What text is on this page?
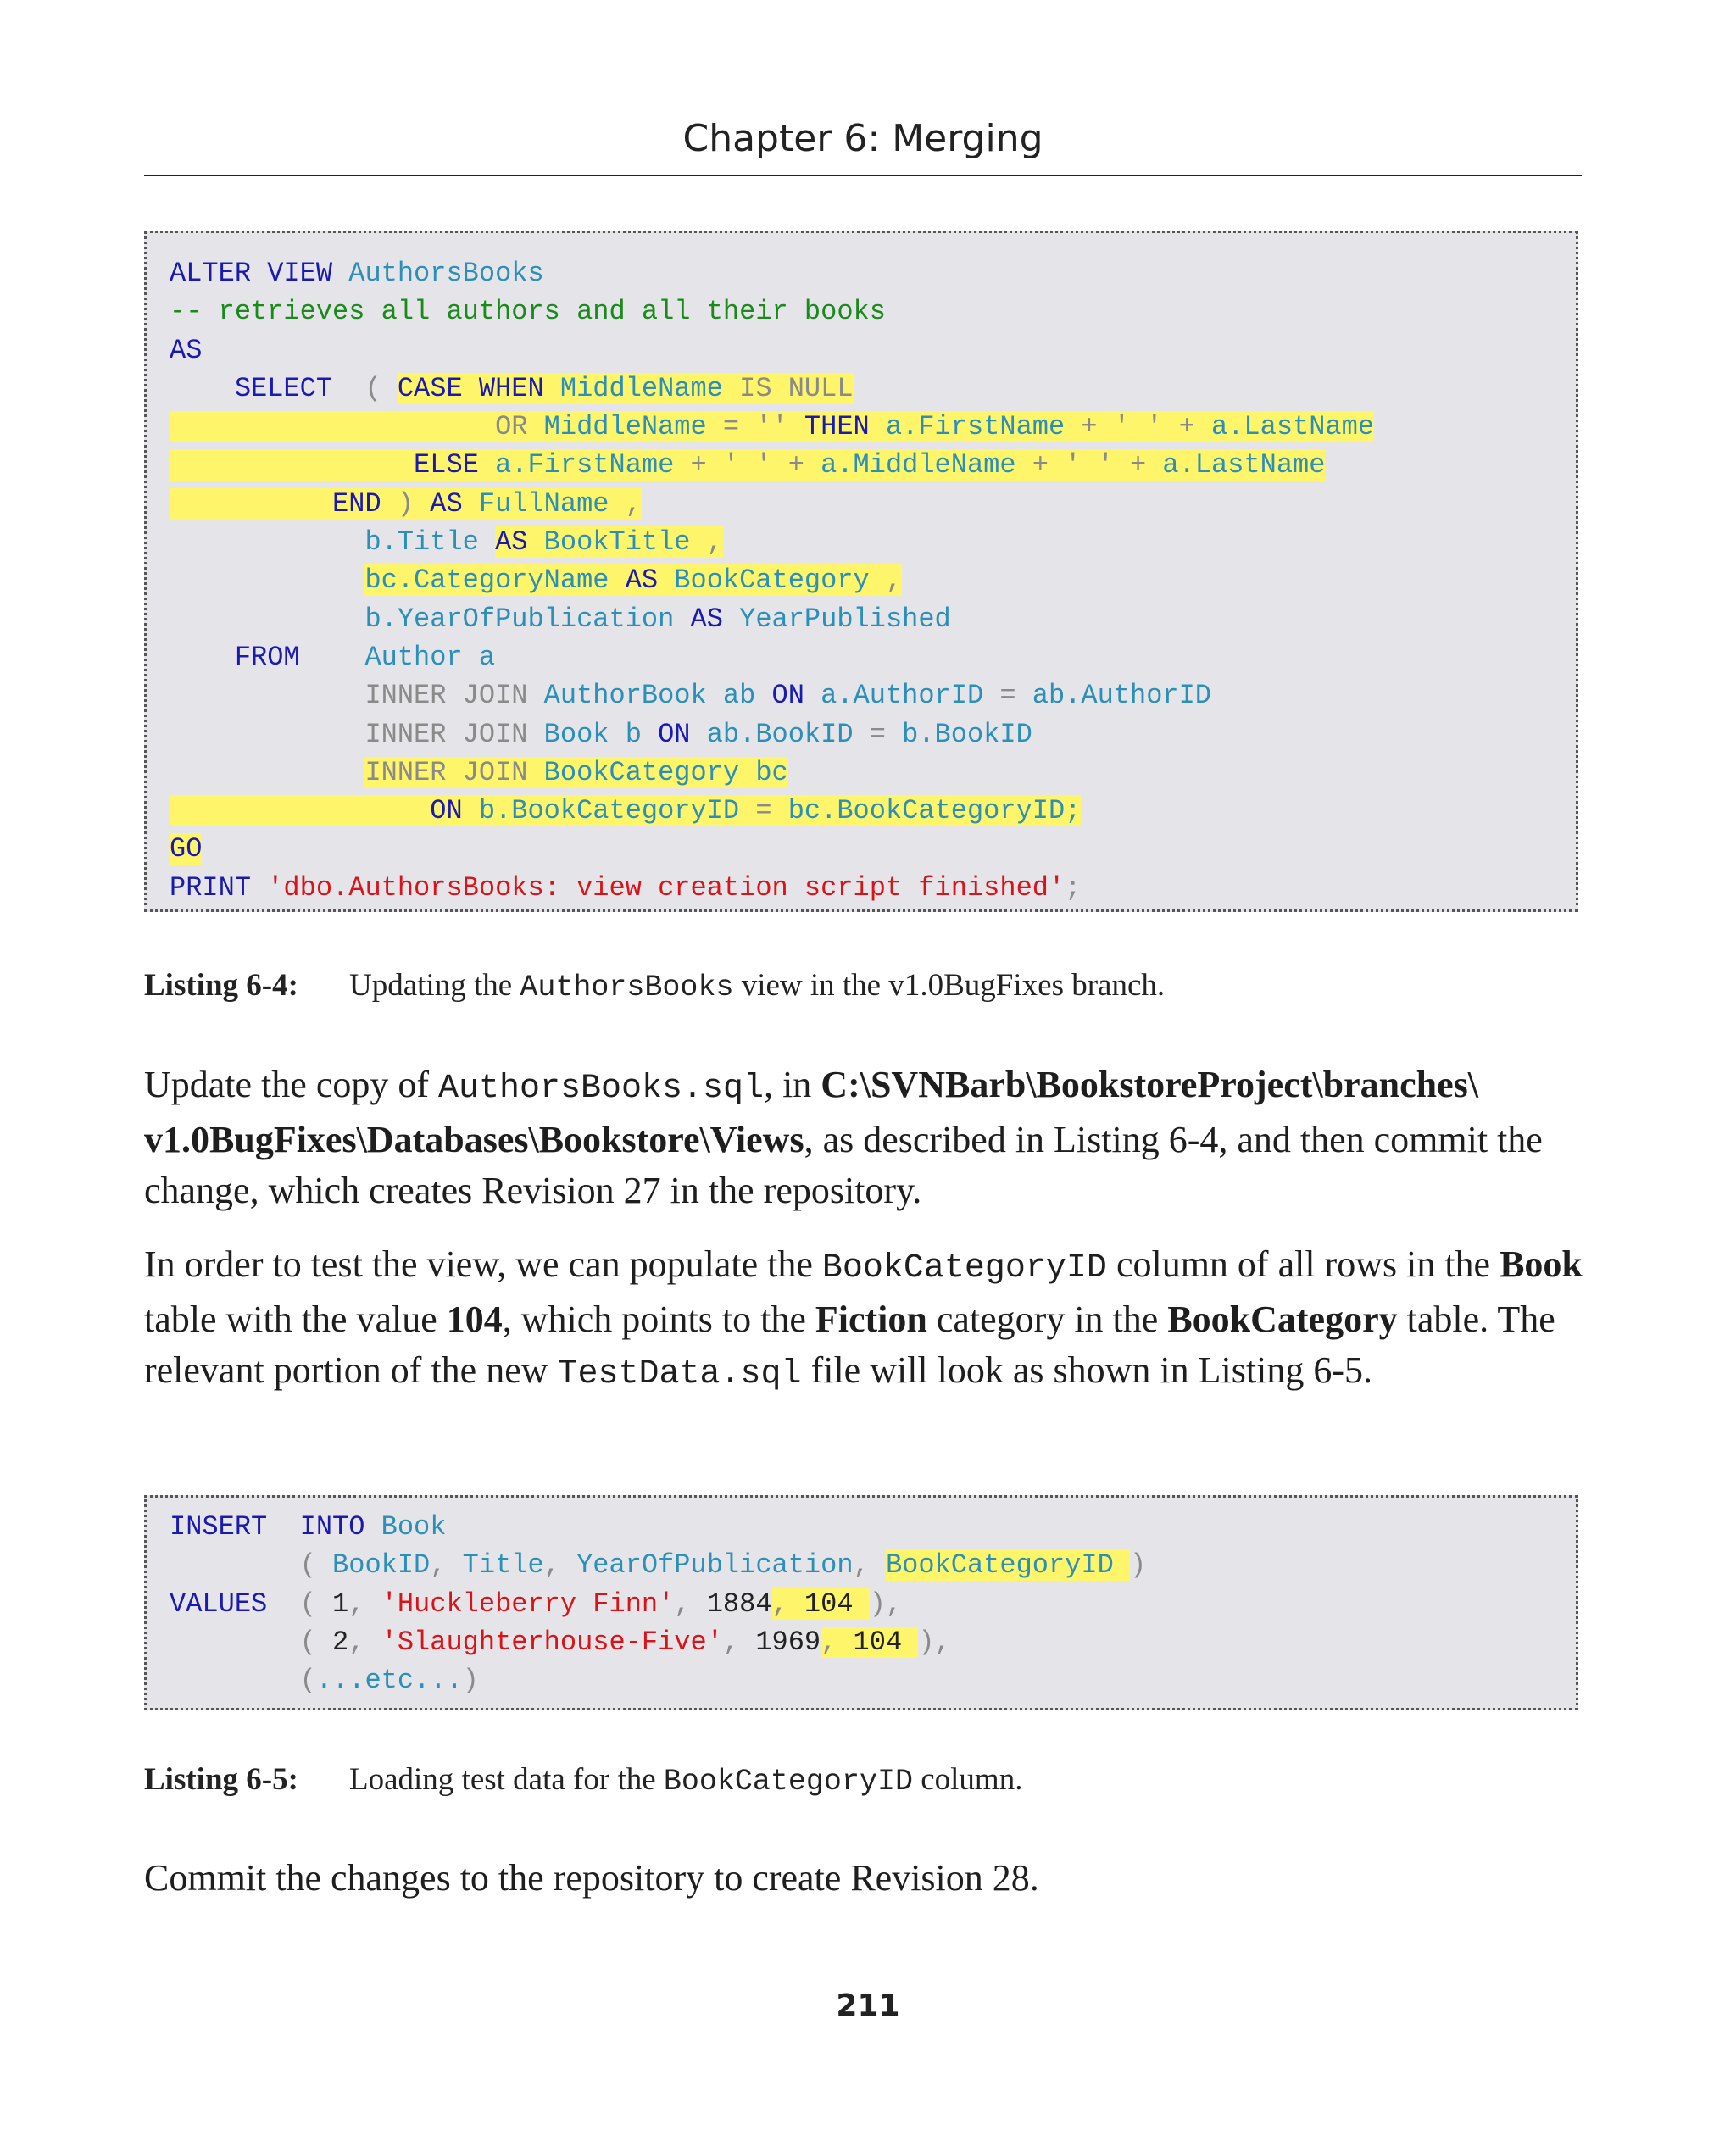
Chapter 6: Merging
ALTER VIEW AuthorsBooks
-- retrieves all authors and all their books
AS
SELECT  ( CASE WHEN MiddleName IS NULL
OR MiddleName = '' THEN a.FirstName + ' ' + a.LastName
ELSE a.FirstName + ' ' + a.MiddleName + ' ' + a.LastName
END ) AS FullName ,
b.Title AS BookTitle ,
bc.CategoryName AS BookCategory ,
b.YearOfPublication AS YearPublished
FROM Author a
INNER JOIN AuthorBook ab ON a.AuthorID = ab.AuthorID
INNER JOIN Book b ON ab.BookID = b.BookID
INNER JOIN BookCategory bc
ON b.BookCategoryID = bc.BookCategoryID;
GO
PRINT 'dbo.AuthorsBooks: view creation script finished';
Listing 6-4: Updating the AuthorsBooks view in the v1.0BugFixes branch.
Update the copy of AuthorsBooks.sql, in C:\SVNBarb\BookstoreProject\branches\
v1.0BugFixes\Databases\Bookstore\Views, as described in Listing 6-4, and then commit the change, which creates Revision 27 in the repository.
In order to test the view, we can populate the BookCategoryID column of all rows in the Book table with the value 104, which points to the Fiction category in the BookCategory table. The relevant portion of the new TestData.sql file will look as shown in Listing 6-5.
INSERT INTO Book
( BookID, Title, YearOfPublication, BookCategoryID )
VALUES ( 1, 'Huckleberry Finn', 1884, 104 ),
( 2, 'Slaughterhouse-Five', 1969, 104 ),
(...etc...)
Listing 6-5: Loading test data for the BookCategoryID column.
Commit the changes to the repository to create Revision 28.
211
